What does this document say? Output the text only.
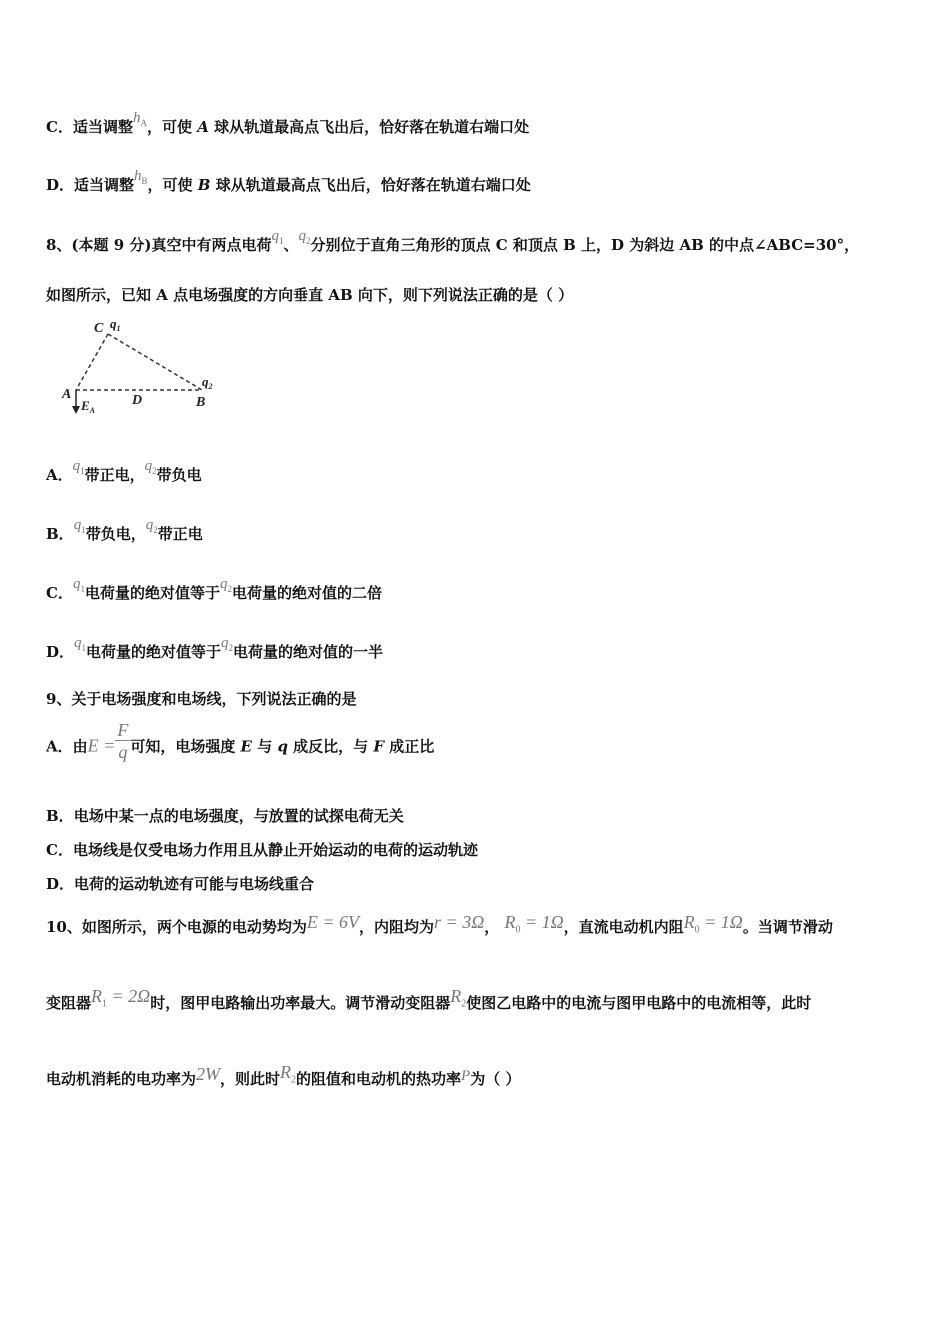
C．适当调整$h_A$，可使 A 球从轨道最高点飞出后，恰好落在轨道右端口处
D．适当调整$h_B$，可使 B 球从轨道最高点飞出后，恰好落在轨道右端口处
8、(本题 9 分)真空中有两点电荷$q_1$、$q_2$分别位于直角三角形的顶点 C 和顶点 B 上，D 为斜边 AB 的中点∠ABC=30°，
如图所示，已知 A 点电场强度的方向垂直 AB 向下，则下列说法正确的是（ ）
C $q_1$
A
$E_A$
D	B
$q_2$
A．$q_1$带正电，$q_2$带负电
B．$q_1$带负电，$q_2$带正电
C．$q_1$电荷量的绝对值等于$q_2$电荷量的绝对值的二倍
D．$q_1$电荷量的绝对值等于$q_2$电荷量的绝对值的一半
9、关于电场强度和电场线，下列说法正确的是
A．由$E = \frac{F}{q}$ 可知，电场强度 E 与 q 成反比，与 F 成正比
B．电场中某一点的电场强度，与放置的试探电荷无关
C．电场线是仅受电场力作用且从静止开始运动的电荷的运动轨迹
D．电荷的运动轨迹有可能与电场线重合
10、如图所示，两个电源的电动势均为E = 6V，内阻均为r = 3Ω， $R_0 = 1\Omega$，直流电动机内阻$R_0 = 1\Omega$。当调节滑动
变阻器$R_1 = 2\Omega$时，图甲电路输出功率最大。调节滑动变阻器$R_2$使图乙电路中的电流与图甲电路中的电流相等，此时
电动机消耗的电功率为2W，则此时$R_2$的阻值和电动机的热功率P为（ ）
